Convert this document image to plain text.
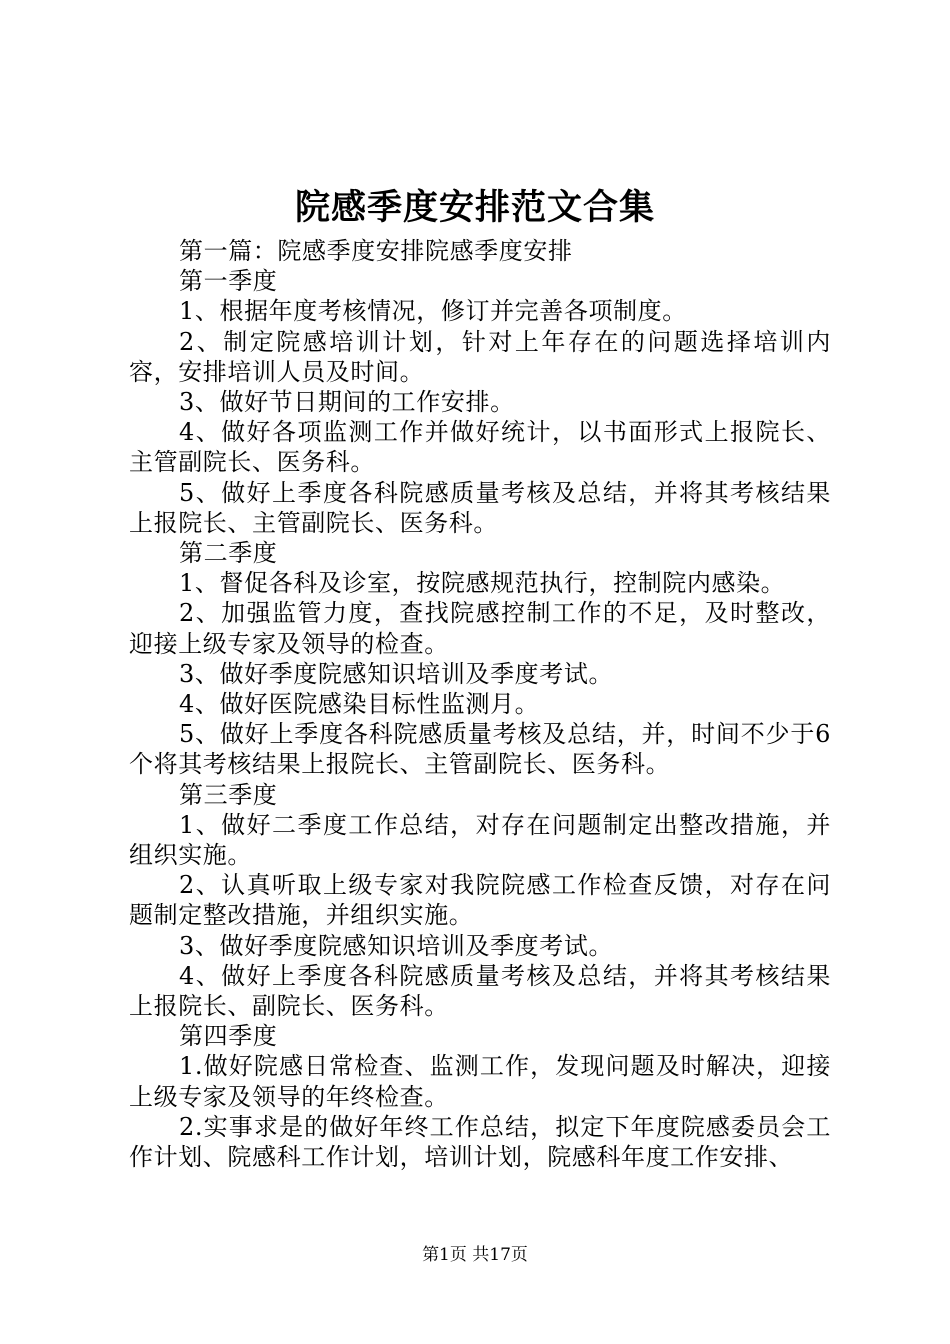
院感季度安排范文合集

第一篇：院感季度安排院感季度安排

第一季度

1、根据年度考核情况，修订并完善各项制度。

2、制定院感培训计划，针对上年存在的问题选择培训内容，安排培训人员及时间。

3、做好节日期间的工作安排。

4、做好各项监测工作并做好统计，以书面形式上报院长、主管副院长、医务科。

5、做好上季度各科院感质量考核及总结，并将其考核结果上报院长、主管副院长、医务科。

第二季度

1、督促各科及诊室，按院感规范执行，控制院内感染。

2、加强监管力度，查找院感控制工作的不足，及时整改，迎接上级专家及领导的检查。

3、做好季度院感知识培训及季度考试。

4、做好医院感染目标性监测月。

5、做好上季度各科院感质量考核及总结，并，时间不少于6个将其考核结果上报院长、主管副院长、医务科。

第三季度

1、做好二季度工作总结，对存在问题制定出整改措施，并组织实施。

2、认真听取上级专家对我院院感工作检查反馈，对存在问题制定整改措施，并组织实施。

3、做好季度院感知识培训及季度考试。

4、做好上季度各科院感质量考核及总结，并将其考核结果上报院长、副院长、医务科。

第四季度

1.做好院感日常检查、监测工作，发现问题及时解决，迎接上级专家及领导的年终检查。

2.实事求是的做好年终工作总结，拟定下年度院感委员会工作计划、院感科工作计划，培训计划，院感科年度工作安排、

第1页 共17页
